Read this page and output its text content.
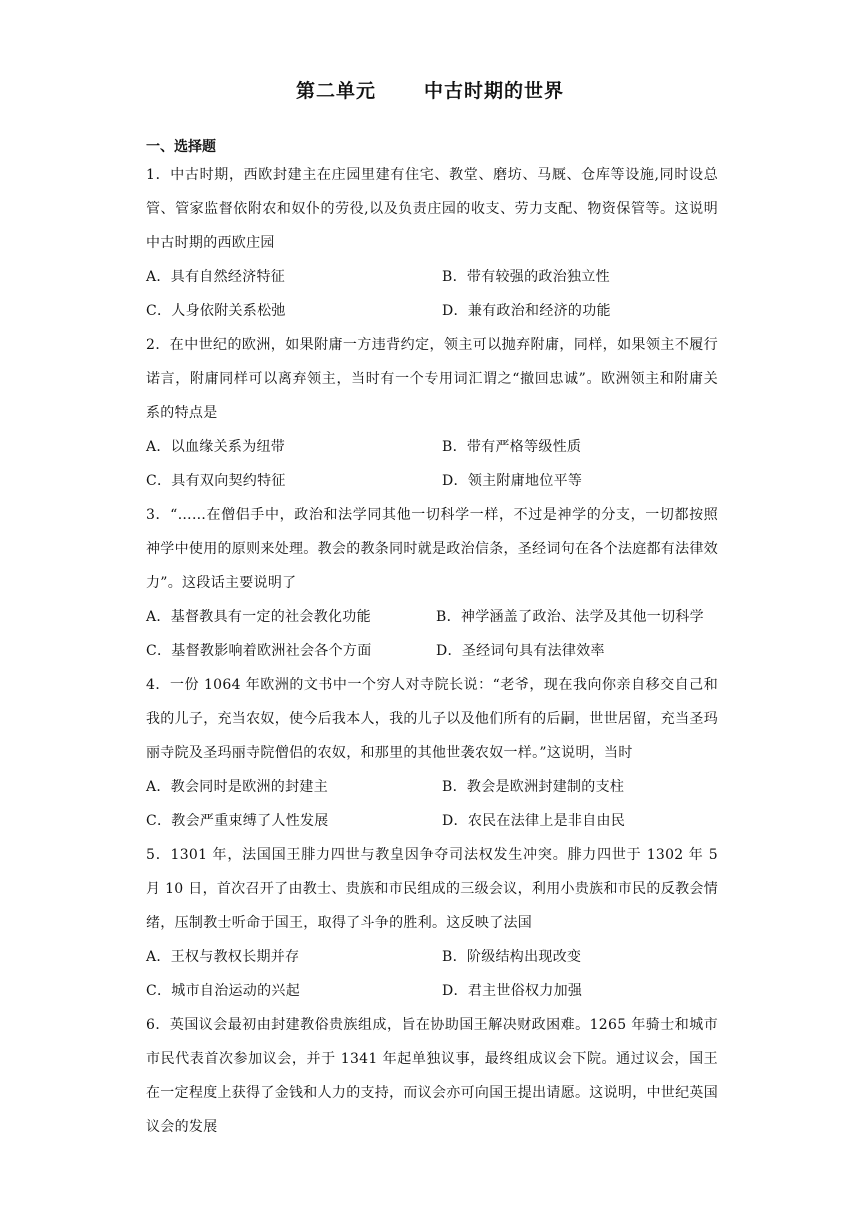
第二单元	中古时期的世界
一、选择题
1．中古时期，西欧封建主在庄园里建有住宅、教堂、磨坊、马厩、仓库等设施,同时设总管、管家监督依附农和奴仆的劳役,以及负责庄园的收支、劳力支配、物资保管等。这说明中古时期的西欧庄园
A．具有自然经济特征	B．带有较强的政治独立性
C．人身依附关系松弛	D．兼有政治和经济的功能
2．在中世纪的欧洲，如果附庸一方违背约定，领主可以抛弃附庸，同样，如果领主不履行诺言，附庸同样可以离弃领主，当时有一个专用词汇谓之“撤回忠诚”。欧洲领主和附庸关系的特点是
A．以血缘关系为纽带	B．带有严格等级性质
C．具有双向契约特征	D．领主附庸地位平等
3．“……在僧侣手中，政治和法学同其他一切科学一样，不过是神学的分支，一切都按照神学中使用的原则来处理。教会的教条同时就是政治信条，圣经词句在各个法庭都有法律效力”。这段话主要说明了
A．基督教具有一定的社会教化功能	B．神学涵盖了政治、法学及其他一切科学
C．基督教影响着欧洲社会各个方面	D．圣经词句具有法律效率
4．一份 1064 年欧洲的文书中一个穷人对寺院长说：“老爷，现在我向你亲自移交自己和我的儿子，充当农奴，使今后我本人，我的儿子以及他们所有的后嗣，世世居留，充当圣玛丽寺院及圣玛丽寺院僧侣的农奴，和那里的其他世袭农奴一样。”这说明，当时
A．教会同时是欧洲的封建主	B．教会是欧洲封建制的支柱
C．教会严重束缚了人性发展	D．农民在法律上是非自由民
5．1301 年，法国国王腓力四世与教皇因争夺司法权发生冲突。腓力四世于 1302 年 5 月 10 日，首次召开了由教士、贵族和市民组成的三级会议，利用小贵族和市民的反教会情绪，压制教士听命于国王，取得了斗争的胜利。这反映了法国
A．王权与教权长期并存	B．阶级结构出现改变
C．城市自治运动的兴起	D．君主世俗权力加强
6．英国议会最初由封建教俗贵族组成，旨在协助国王解决财政困难。1265 年骑士和城市市民代表首次参加议会，并于 1341 年起单独议事，最终组成议会下院。通过议会，国王在一定程度上获得了金钱和人力的支持，而议会亦可向国王提出请愿。这说明，中世纪英国议会的发展
